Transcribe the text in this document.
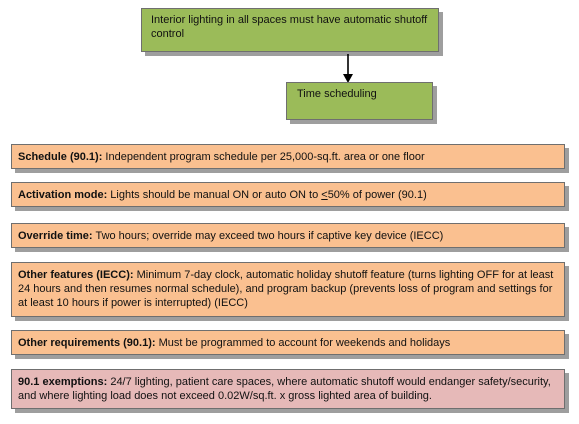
Interior lighting in all spaces must have automatic shutoff control
Time scheduling
Schedule (90.1): Independent program schedule per 25,000-sq.ft. area or one floor
Activation mode: Lights should be manual ON or auto ON to <50% of power (90.1)
Override time: Two hours; override may exceed two hours if captive key device (IECC)
Other features (IECC): Minimum 7-day clock, automatic holiday shutoff feature (turns lighting OFF for at least 24 hours and then resumes normal schedule), and program backup (prevents loss of program and settings for at least 10 hours if power is interrupted) (IECC)
Other requirements (90.1): Must be programmed to account for weekends and holidays
90.1 exemptions: 24/7 lighting, patient care spaces, where automatic shutoff would endanger safety/security, and where lighting load does not exceed 0.02W/sq.ft. x gross lighted area of building.
